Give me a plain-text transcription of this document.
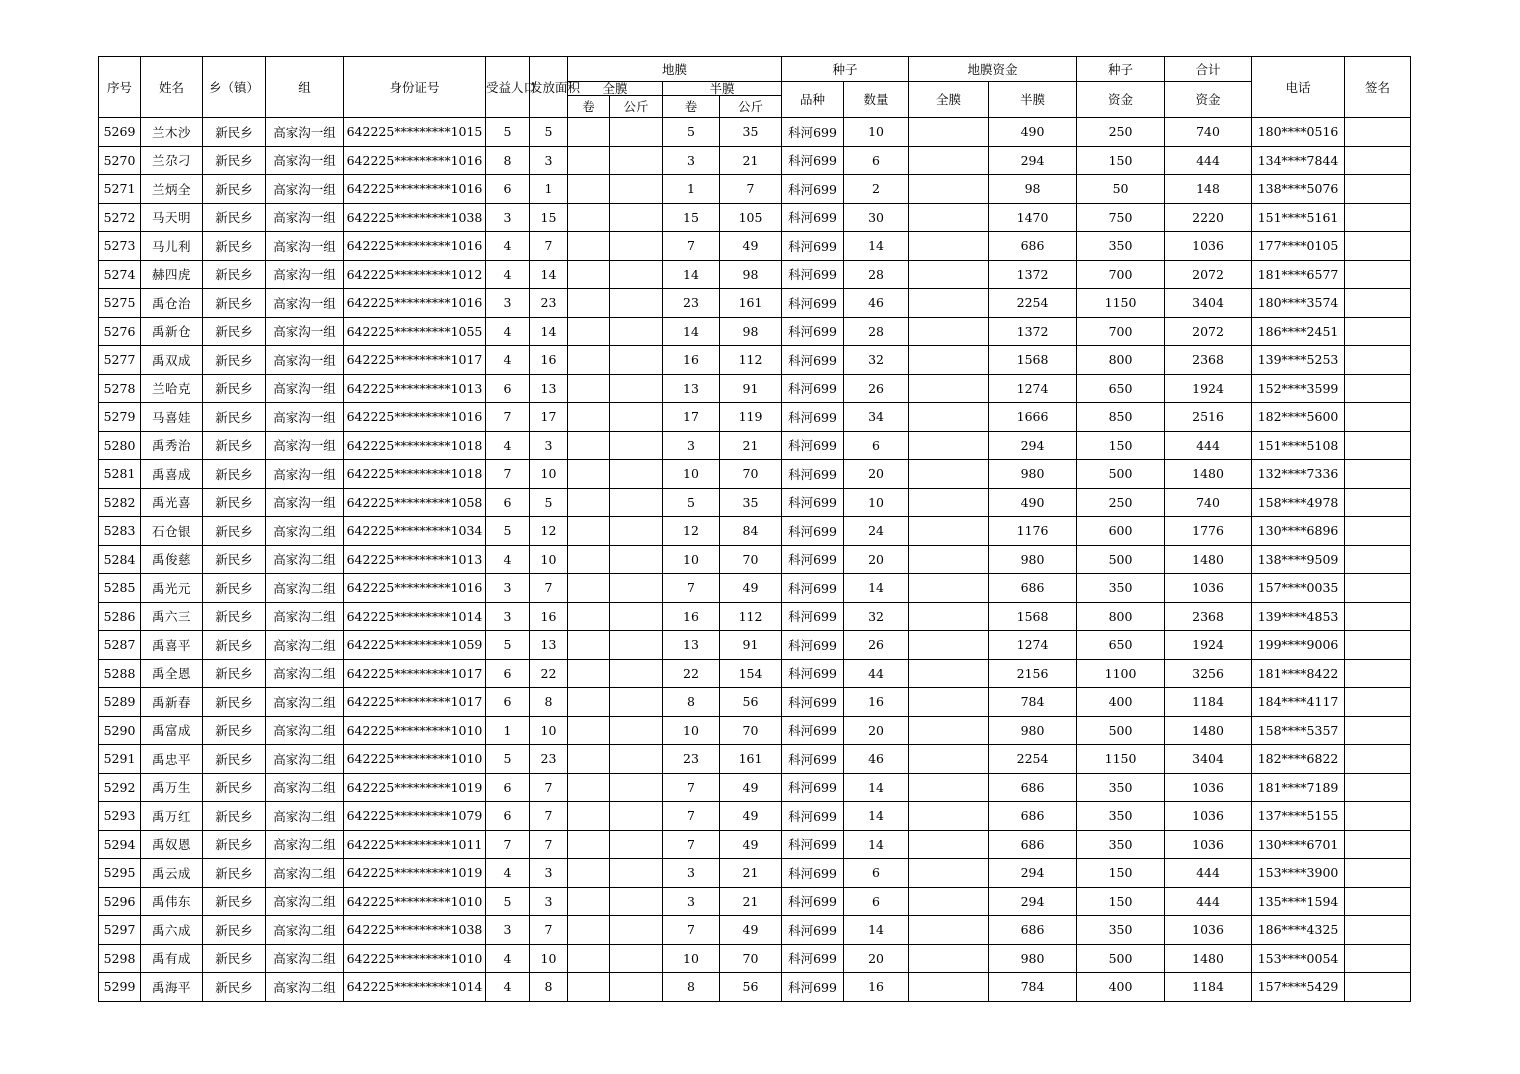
序号	姓名	乡（镇）	组	身份证号	受益人口	发放面积	地膜				种子		地膜资金		种子	合计	电话	签名
							全膜		半膜		品种	数量	全膜	半膜	资金	资金		
							卷	公斤	卷	公斤								
5269	兰木沙	新民乡	高家沟一组	642225*********1015	5	5			5	35	科河699	10		490	250	740	180****0516	
5270	兰尕刁	新民乡	高家沟一组	642225*********1016	8	3			3	21	科河699	6		294	150	444	134****7844	
5271	兰炳全	新民乡	高家沟一组	642225*********1016	6	1			1	7	科河699	2		98	50	148	138****5076	
5272	马天明	新民乡	高家沟一组	642225*********1038	3	15			15	105	科河699	30		1470	750	2220	151****5161	
5273	马儿利	新民乡	高家沟一组	642225*********1016	4	7			7	49	科河699	14		686	350	1036	177****0105	
5274	赫四虎	新民乡	高家沟一组	642225*********1012	4	14			14	98	科河699	28		1372	700	2072	181****6577	
5275	禹仓治	新民乡	高家沟一组	642225*********1016	3	23			23	161	科河699	46		2254	1150	3404	180****3574	
5276	禹新仓	新民乡	高家沟一组	642225*********1055	4	14			14	98	科河699	28		1372	700	2072	186****2451	
5277	禹双成	新民乡	高家沟一组	642225*********1017	4	16			16	112	科河699	32		1568	800	2368	139****5253	
5278	兰哈克	新民乡	高家沟一组	642225*********1013	6	13			13	91	科河699	26		1274	650	1924	152****3599	
5279	马喜娃	新民乡	高家沟一组	642225*********1016	7	17			17	119	科河699	34		1666	850	2516	182****5600	
5280	禹秀治	新民乡	高家沟一组	642225*********1018	4	3			3	21	科河699	6		294	150	444	151****5108	
5281	禹喜成	新民乡	高家沟一组	642225*********1018	7	10			10	70	科河699	20		980	500	1480	132****7336	
5282	禹光喜	新民乡	高家沟一组	642225*********1058	6	5			5	35	科河699	10		490	250	740	158****4978	
5283	石仓银	新民乡	高家沟二组	642225*********1034	5	12			12	84	科河699	24		1176	600	1776	130****6896	
5284	禹俊慈	新民乡	高家沟二组	642225*********1013	4	10			10	70	科河699	20		980	500	1480	138****9509	
5285	禹光元	新民乡	高家沟二组	642225*********1016	3	7			7	49	科河699	14		686	350	1036	157****0035	
5286	禹六三	新民乡	高家沟二组	642225*********1014	3	16			16	112	科河699	32		1568	800	2368	139****4853	
5287	禹喜平	新民乡	高家沟二组	642225*********1059	5	13			13	91	科河699	26		1274	650	1924	199****9006	
5288	禹全恩	新民乡	高家沟二组	642225*********1017	6	22			22	154	科河699	44		2156	1100	3256	181****8422	
5289	禹新春	新民乡	高家沟二组	642225*********1017	6	8			8	56	科河699	16		784	400	1184	184****4117	
5290	禹富成	新民乡	高家沟二组	642225*********1010	1	10			10	70	科河699	20		980	500	1480	158****5357	
5291	禹忠平	新民乡	高家沟二组	642225*********1010	5	23			23	161	科河699	46		2254	1150	3404	182****6822	
5292	禹万生	新民乡	高家沟二组	642225*********1019	6	7			7	49	科河699	14		686	350	1036	181****7189	
5293	禹万红	新民乡	高家沟二组	642225*********1079	6	7			7	49	科河699	14		686	350	1036	137****5155	
5294	禹奴恩	新民乡	高家沟二组	642225*********1011	7	7			7	49	科河699	14		686	350	1036	130****6701	
5295	禹云成	新民乡	高家沟二组	642225*********1019	4	3			3	21	科河699	6		294	150	444	153****3900	
5296	禹伟东	新民乡	高家沟二组	642225*********1010	5	3			3	21	科河699	6		294	150	444	135****1594	
5297	禹六成	新民乡	高家沟二组	642225*********1038	3	7			7	49	科河699	14		686	350	1036	186****4325	
5298	禹有成	新民乡	高家沟二组	642225*********1010	4	10			10	70	科河699	20		980	500	1480	153****0054	
5299	禹海平	新民乡	高家沟二组	642225*********1014	4	8			8	56	科河699	16		784	400	1184	157****5429	
